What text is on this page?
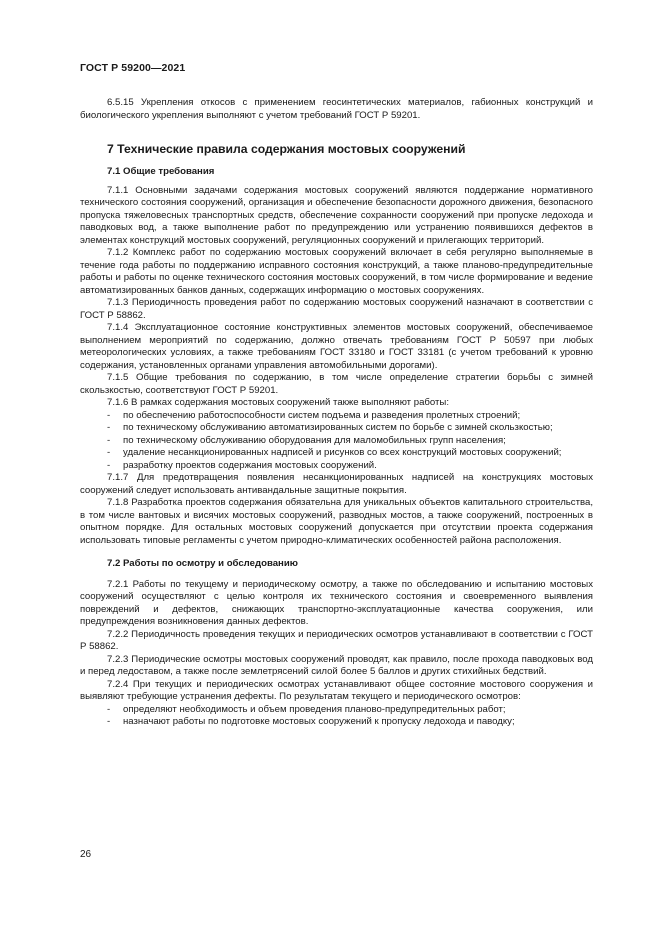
ГОСТ Р 59200—2021

6.5.15 Укрепления откосов с применением геосинтетических материалов, габионных конструкций и биологического укрепления выполняют с учетом требований ГОСТ Р 59201.

7 Технические правила содержания мостовых сооружений
7.1 Общие требования

7.1.1 Основными задачами содержания мостовых сооружений являются поддержание нормативного технического состояния сооружений, организация и обеспечение безопасности дорожного движения, безопасного пропуска тяжеловесных транспортных средств, обеспечение сохранности сооружений при пропуске ледохода и паводковых вод, а также выполнение работ по предупреждению или устранению появившихся дефектов в элементах конструкций мостовых сооружений, регуляционных сооружений и прилегающих территорий.

7.1.2 Комплекс работ по содержанию мостовых сооружений включает в себя регулярно выполняемые в течение года работы по поддержанию исправного состояния конструкций, а также планово-предупредительные работы и работы по оценке технического состояния мостовых сооружений, в том числе формирование и ведение автоматизированных банков данных, содержащих информацию о мостовых сооружениях.

7.1.3 Периодичность проведения работ по содержанию мостовых сооружений назначают в соответствии с ГОСТ Р 58862.

7.1.4 Эксплуатационное состояние конструктивных элементов мостовых сооружений, обеспечиваемое выполнением мероприятий по содержанию, должно отвечать требованиям ГОСТ Р 50597 при любых метеорологических условиях, а также требованиям ГОСТ 33180 и ГОСТ 33181 (с учетом требований к уровню содержания, установленных органами управления автомобильными дорогами).

7.1.5 Общие требования по содержанию, в том числе определение стратегии борьбы с зимней скользкостью, соответствуют ГОСТ Р 59201.

7.1.6 В рамках содержания мостовых сооружений также выполняют работы:

- по обеспечению работоспособности систем подъема и разведения пролетных строений;

- по техническому обслуживанию автоматизированных систем по борьбе с зимней скользкостью;

- по техническому обслуживанию оборудования для маломобильных групп населения;

- удаление несанкционированных надписей и рисунков со всех конструкций мостовых сооружений;

- разработку проектов содержания мостовых сооружений.

7.1.7 Для предотвращения появления несанкционированных надписей на конструкциях мостовых сооружений следует использовать антивандальные защитные покрытия.

7.1.8 Разработка проектов содержания обязательна для уникальных объектов капитального строительства, в том числе вантовых и висячих мостовых сооружений, разводных мостов, а также сооружений, построенных в опытном порядке. Для остальных мостовых сооружений допускается при отсутствии проекта содержания использовать типовые регламенты с учетом природно-климатических особенностей района расположения.

7.2 Работы по осмотру и обследованию

7.2.1 Работы по текущему и периодическому осмотру, а также по обследованию и испытанию мостовых сооружений осуществляют с целью контроля их технического состояния и своевременного выявления повреждений и дефектов, снижающих транспортно-эксплуатационные качества сооружения, или предупреждения возникновения данных дефектов.

7.2.2 Периодичность проведения текущих и периодических осмотров устанавливают в соответствии с ГОСТ Р 58862.

7.2.3 Периодические осмотры мостовых сооружений проводят, как правило, после прохода паводковых вод и перед ледоставом, а также после землетрясений силой более 5 баллов и других стихийных бедствий.

7.2.4 При текущих и периодических осмотрах устанавливают общее состояние мостового сооружения и выявляют требующие устранения дефекты. По результатам текущего и периодического осмотров:

- определяют необходимость и объем проведения планово-предупредительных работ;

- назначают работы по подготовке мостовых сооружений к пропуску ледохода и паводку;

26
